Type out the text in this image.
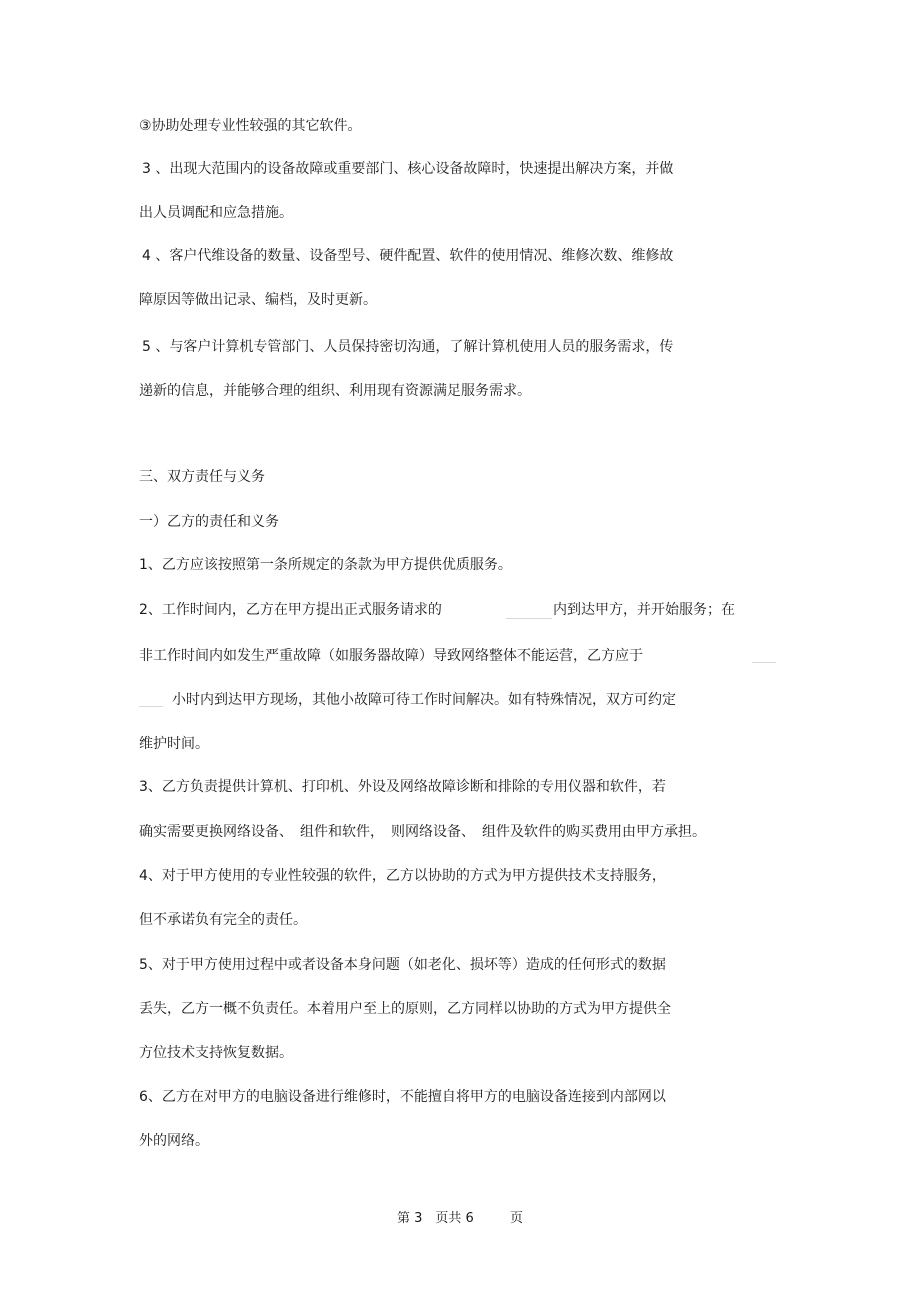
③协助处理专业性较强的其它软件。
3 、出现大范围内的设备故障或重要部门、核心设备故障时，快速提出解决方案，并做
出人员调配和应急措施。
4 、客户代维设备的数量、设备型号、硬件配置、软件的使用情况、维修次数、维修故
障原因等做出记录、编档，及时更新。
5 、与客户计算机专管部门、人员保持密切沟通，了解计算机使用人员的服务需求，传
递新的信息，并能够合理的组织、利用现有资源满足服务需求。
三、双方责任与义务
一）乙方的责任和义务
1、乙方应该按照第一条所规定的条款为甲方提供优质服务。
2、工作时间内，乙方在甲方提出正式服务请求的	内到达甲方，并开始服务；在
非工作时间内如发生严重故障（如服务器故障）导致网络整体不能运营，乙方应于
小时内到达甲方现场，其他小故障可待工作时间解决。如有特殊情况，双方可约定
维护时间。
3、乙方负责提供计算机、打印机、外设及网络故障诊断和排除的专用仪器和软件，若
确实需要更换网络设备、　组件和软件，　则网络设备、　组件及软件的购买费用由甲方承担。
4、对于甲方使用的专业性较强的软件，乙方以协助的方式为甲方提供技术支持服务，
但不承诺负有完全的责任。
5、对于甲方使用过程中或者设备本身问题（如老化、损坏等）造成的任何形式的数据
丢失，乙方一概不负责任。本着用户至上的原则，乙方同样以协助的方式为甲方提供全
方位技术支持恢复数据。
6、乙方在对甲方的电脑设备进行维修时，不能擅自将甲方的电脑设备连接到内部网以
外的网络。
第 3　页共 6	页
